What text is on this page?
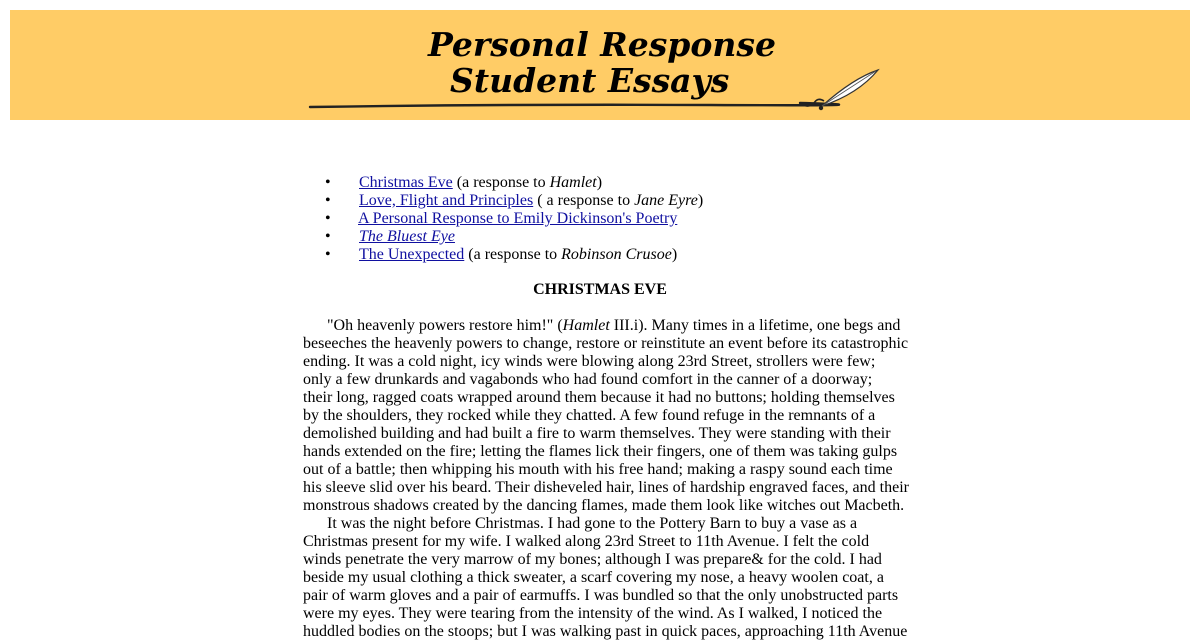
Personal Response
Student Essays
• Christmas Eve (a response to Hamlet)
• Love, Flight and Principles ( a response to Jane Eyre)
• A Personal Response to Emily Dickinson's Poetry
• The Bluest Eye
• The Unexpected (a response to Robinson Crusoe)
CHRISTMAS EVE
"Oh heavenly powers restore him!" (Hamlet III.i). Many times in a lifetime, one begs and
beseeches the heavenly powers to change, restore or reinstitute an event before its catastrophic
ending. It was a cold night, icy winds were blowing along 23rd Street, strollers were few;
only a few drunkards and vagabonds who had found comfort in the canner of a doorway;
their long, ragged coats wrapped around them because it had no buttons; holding themselves
by the shoulders, they rocked while they chatted. A few found refuge in the remnants of a
demolished building and had built a fire to warm themselves. They were standing with their
hands extended on the fire; letting the flames lick their fingers, one of them was taking gulps
out of a battle; then whipping his mouth with his free hand; making a raspy sound each time
his sleeve slid over his beard. Their disheveled hair, lines of hardship engraved faces, and their
monstrous shadows created by the dancing flames, made them look like witches out Macbeth.
It was the night before Christmas. I had gone to the Pottery Barn to buy a vase as a
Christmas present for my wife. I walked along 23rd Street to 11th Avenue. I felt the cold
winds penetrate the very marrow of my bones; although I was prepare& for the cold. I had
beside my usual clothing a thick sweater, a scarf covering my nose, a heavy woolen coat, a
pair of warm gloves and a pair of earmuffs. I was bundled so that the only unobstructed parts
were my eyes. They were tearing from the intensity of the wind. As I walked, I noticed the
huddled bodies on the stoops; but I was walking past in quick paces, approaching 11th Avenue
